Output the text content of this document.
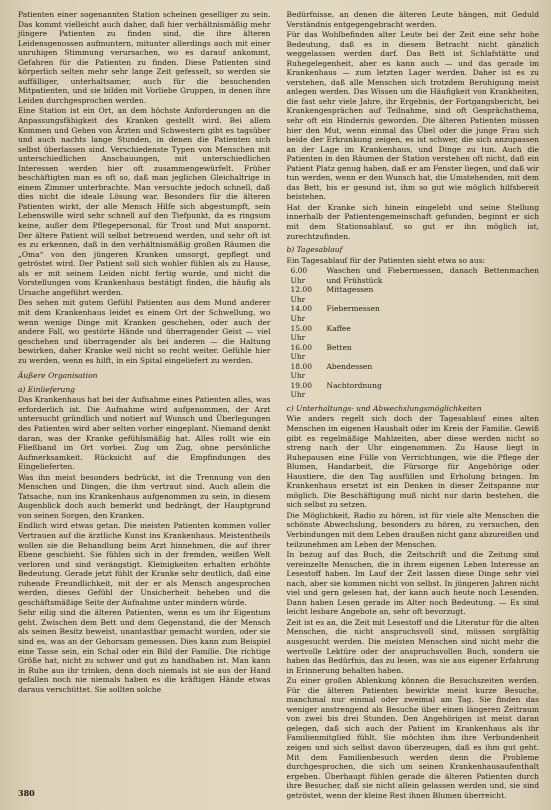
Patienten einer sogenannten Station scheinen geselliger zu sein. Das kommt vielleicht auch daher, daß hier verhältnismäßig mehr jüngere Patienten zu finden sind, die ihre älteren Leidensgenossen aufmuntern, mitunter allerdings auch mit einer unruhigen Stimmung verursachen, wo es darauf ankommt, Gefahren für die Patienten zu finden. Diese Patienten sind körperlich selten mehr sehr lange Zeit gefesselt, so werden sie auffälliger, unterhaltsamer, auch für die besuchenden Mitpatienten, und sie bilden mit Vorliebe Gruppen, in denen ihre Leiden durchgesprochen werden.

Eine Station ist ein Ort, an dem höchste Anforderungen an die Anpassungsfähigkeit des Kranken gestellt wird. Bei allem Kommen und Gehen von Ärzten und Schwestern gibt es tagsüber und auch nachts lange Stunden, in denen die Patienten sich selbst überlassen sind. Verschiedenste Typen von Menschen mit unterschiedlichen Anschauungen, mit unterschiedlichen Interessen werden hier oft zusammengewürfelt. Früher beschäftigten man es oft so, daß man jeglichen Gleichaltrige in einem Zimmer unterbrachte. Man versuchte jedoch schnell, daß dies nicht die ideale Lösung war. Besonders für die älteren Patienten wirkt, der alle Mensch Hilfe sich abgestumpft, sein Lebenswille wird sehr schnell auf den Tiefpunkt, da es ringsum keine, außer dem Pflegepersonal, für Trost und Mut anspornt. Der ältere Patient will selbst betreuend werden, und sehr oft ist es zu erkennen, daß in den verhältnismäßig großen Räumen die „Oma“ von den jüngeren Kranken umsorgt, gepflegt und getröstet wird. Der Patient soll sich wohler fühlen als zu Hause, als er mit seinem Leiden nicht fertig wurde, und nicht die Vorstellungen vom Krankenhaus bestätigt finden, die häufig als Ursache angeführt werden.

Des sehen mit gutem Gefühl Patienten aus dem Mund anderer mit dem Krankenhaus leidet es einem Ort der Schwellung, wo wenn wenige Dinge mit Kranken geschehen, oder auch der andere Fall, wo gestörte Hände und überragender Geist — viel geschehen und überragender als bei anderen — die Haltung bewirken, daher Kranke weil nicht so recht weiter. Gefühle hier zu werden, wenn es hilft, in ein Spital eingeliefert zu werden.

Äußere Organisation

a) Einlieferung

Das Krankenhaus hat bei der Aufnahme eines Patienten alles, was erforderlich ist. Die Aufnahme wird aufgenommen, der Arzt untersucht gründlich und notiert auf Wunsch und Überlegungen des Patienten wird aber selten vorher eingeplant. Niemand denkt daran, was der Kranke gefühlsmäßig hat. Alles rollt wie ein Fließband im Ort vorbei. Zug um Zug, ohne persönliche Aufmerksamkeit. Rücksicht auf die Empfindungen des Eingelieferten.

Was ihn meist besonders bedrückt, ist die Trennung von den Menschen und Dingen, die ihm vertraut sind. Auch allein die Tatsache, nun ins Krankenhaus aufgenommen zu sein, in diesem Augenblick doch auch bemerkt und bedrängt, der Hauptgrund von seinen Sorgen, den Kranken.

Endlich wird etwas getan. Die meisten Patienten kommen voller Vertrauen auf die ärztliche Kunst ins Krankenhaus. Meistentheils wollen sie die Behandlung beim Arzt hinnehmen, die auf ihrer Ebene geschieht. Sie fühlen sich in der fremden, weißen Welt verloren und sind verängstigt. Kleinigkeiten erhalten erhöhte Bedeutung. Gerade jetzt fühlt der Kranke sehr deutlich, daß eine ruhende Freundlichkeit, mit der er als Mensch angesprochen werden, dieses Gefühl der Unsicherheit beheben und die geschäftsmäßige Seite der Aufnahme unter mindern würde.

Sehr eilig sind die älteren Patienten, wenn es um ihr Eigentum geht. Zwischen dem Bett und dem Gegenstand, die der Mensch als seinen Besitz beweist, unantastbar gemacht worden, oder sie sind es, was an der Gehorsam gemessen. Dies kann zum Beispiel eine Tasse sein, ein Schal oder ein Bild der Familie. Die richtige Größe hat, nicht zu schwer und gut zu handhaben ist. Man kann in Ruhe aus ihr trinken, denn doch niemals ist sie aus der Hand gefallen noch nie niemals haben es die kräftigen Hände etwas daraus verschüttet. Sie sollten solche

Bedürfnisse, an denen die älteren Leute hängen, mit Geduld Verständnis entgegengebracht werden.

Für das Wohlbefinden alter Leute bei der Zeit eine sehr hohe Bedeutung, daß es in diesem Betracht nicht gänzlich weggelassen werden darf. Das Bett ist Schlafstätte und Ruhegelegenheit, aber es kann auch — und das gerade im Krankenhaus — zum letzten Lager werden. Daher ist es zu verstehen, daß alle Menschen sich trotzdem Beruhigung meist anlegen werden. Das Wissen um die Häufigkeit von Krankheiten, die fast sehr viele Jahre, ihr Ergebnis, der Fortgangsbericht, bei Krankengesprächen auf Teilnahme, sind oft Gesprächsthema, sehr oft ein Hindernis geworden. Die älteren Patienten müssen hier den Mut, wenn einmal das Übel oder die junge Frau sich beide der Erkrankung zeigen, es ist schwer, die sich anzupassen an der Lage im Krankenhaus, und Dinge zu tun. Auch die Patienten in den Räumen der Station verstehen oft nicht, daß ein Patient Platz genug haben, daß er am Fenster liegen, und daß wir tun werden, wenn er den Wunsch hat, die Umstehenden, mit dem das Bett, bis er gesund ist, ihm so gut wie möglich hilfsbereit beistehen.

Hat der Kranke sich hinein eingelebt und seine Stellung innerhalb der Patientengemeinschaft gefunden, beginnt er sich mit dem Stationsablauf, so gut er ihn möglich ist, zurechtzufinden.

b) Tagesablauf

Ein Tagesablauf für der Patienten sieht etwa so aus:

6.00 Uhr
Waschen und Fiebermessen, danach Bettenmachen und Frühstück
12.00 Uhr
Mittagessen
14.00 Uhr
Fiebermessen
15.00 Uhr
Kaffee
16.00 Uhr
Betten
18.00 Uhr
Abendessen
19.00 Uhr
Nachtordnung

c) Unterhaltungs- und Abwechslungsmöglichkeiten

Wie anders regelt sich doch der Tagesablauf eines alten Menschen im eigenen Haushalt oder im Kreis der Familie. Gewiß gibt es regelmäßige Mahlzeiten, aber diese werden nicht so streng nach der Uhr eingenommen. Zu Hause liegt in Ruhepausen eine Fülle von Verrichtungen, wie die Pflege der Blumen, Handarbeit, die Fürsorge für Angehörige oder Haustiere, die den Tag ausfüllen und Erholung bringen. Im Krankenhaus ersetzt ist ein Denken in dieser Zeitspanne nur möglich. Die Beschäftigung muß nicht nur darin bestehen, die sich selbst zu setzen.

Die Möglichkeit, Radio zu hören, ist für viele alte Menschen die schönste Abwechslung, besonders zu hören, zu versuchen, den Verbindungen mit dem Leben draußen nicht ganz abzureißen und teilzunehmen am Leben der Menschen.

In bezug auf das Buch, die Zeitschrift und die Zeitung sind vereinzelte Menschen, die in ihrem eigenen Leben Interesse an Lesestoff haben. Im Lauf der Zeit lassen diese Dinge sehr viel nach, aber sie kommen nicht von selbst. In jüngeren Jahren nicht viel und gern gelesen hat, der kann auch heute noch Lesenden. Dann haben Lesen gerade im Alter noch Bedeutung. — Es sind leicht lesbare Angebote an, sehr oft bevorzugt.

Zeit ist es an, die Zeit mit Lesestoff und die Literatur für die alten Menschen, die nicht anspruchsvoll sind, müssen sorgfältig ausgesucht werden. Die meisten Menschen sind nicht mehr die wertvolle Lektüre oder der anspruchsvollen Buch, sondern sie haben das Bedürfnis, das zu lesen, was sie aus eigener Erfahrung in Erinnerung behalten haben.

Zu einer großen Ablenkung können die Besuchszeiten werden. Für die älteren Patienten bewirkte meist kurze Besuche, manchmal nur einmal oder zweimal am Tag. Sie finden das weniger anstrengend als Besuche über einen längeren Zeitraum von zwei bis drei Stunden. Den Angehörigen ist meist daran gelegen, daß sich auch der Patient im Krankenhaus als ihr Familienmitglied fühlt. Sie möchten ihm ihre Verbundenheit zeigen und sich selbst davon überzeugen, daß es ihm gut geht. Mit dem Familienbesuch werden denn die Probleme durchgesprochen, die sich um seinen Krankenhausaufenthalt ergeben. Überhaupt fühlen gerade die älteren Patienten durch ihre Besucher, daß sie nicht allein gelassen werden und, sie sind getröstet, wenn der kleine Rest ihnen Blumen überreicht.

380
